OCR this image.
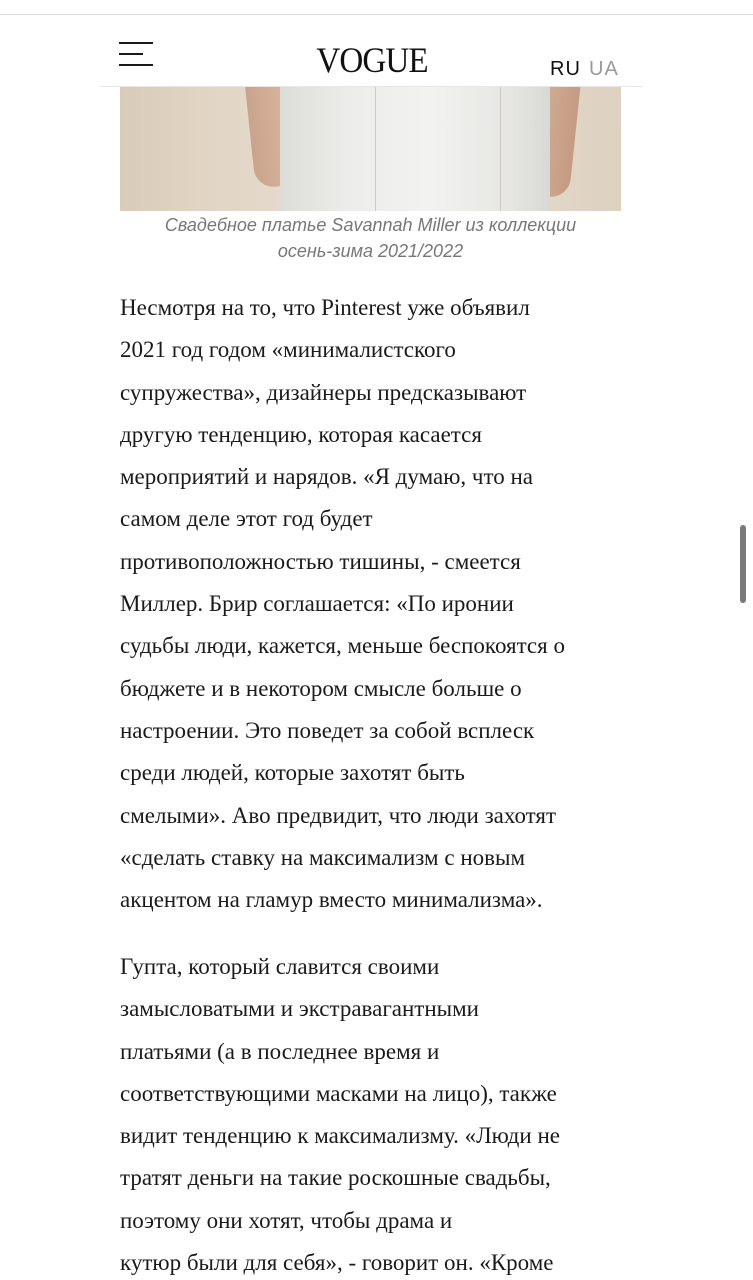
VOGUE	RU UA
Свадебное платье Savannah Miller из коллекции
осень-зима 2021/2022

Несмотря на то, что Pinterest уже объявил
2021 год годом «минималистского
супружества», дизайнеры предсказывают
другую тенденцию, которая касается
мероприятий и нарядов. «Я думаю, что на
самом деле этот год будет
противоположностью тишины, - смеется
Миллер. Брир соглашается: «По иронии
судьбы люди, кажется, меньше беспокоятся о
бюджете и в некотором смысле больше о
настроении. Это поведет за собой всплеск
среди людей, которые захотят быть
смелыми». Аво предвидит, что люди захотят
«сделать ставку на максимализм с новым
акцентом на гламур вместо минимализма».

Гупта, который славится своими
замысловатыми и экстравагантными
платьями (а в последнее время и
соответствующими масками на лицо), также
видит тенденцию к максимализму. «Люди не
тратят деньги на такие роскошные свадьбы,
поэтому они хотят, чтобы драма и
кутюр были для себя», - говорит он. «Кроме
